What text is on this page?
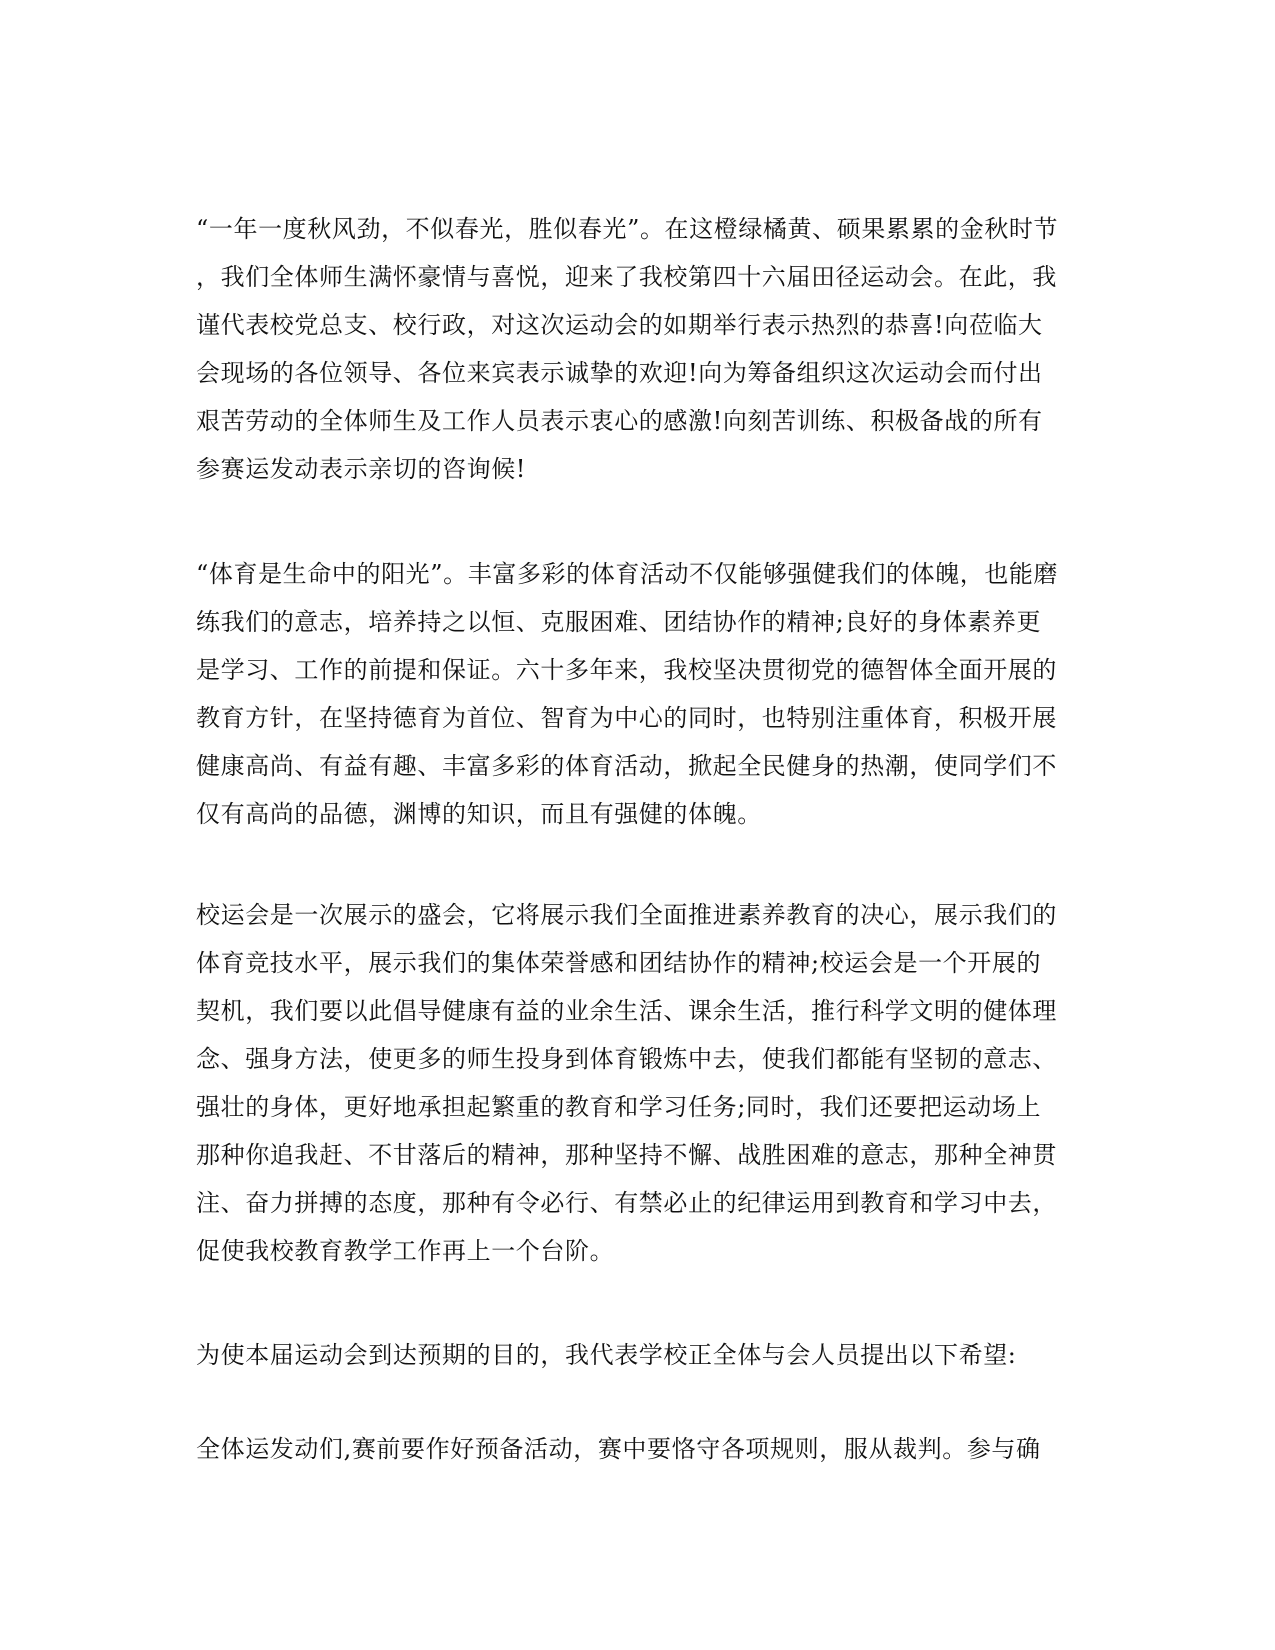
“一年一度秋风劲，不似春光，胜似春光”。在这橙绿橘黄、硕果累累的金秋时节
，我们全体师生满怀豪情与喜悦，迎来了我校第四十六届田径运动会。在此，我
谨代表校党总支、校行政，对这次运动会的如期举行表示热烈的恭喜!向莅临大
会现场的各位领导、各位来宾表示诚挚的欢迎!向为筹备组织这次运动会而付出
艰苦劳动的全体师生及工作人员表示衷心的感激!向刻苦训练、积极备战的所有
参赛运发动表示亲切的咨询候!

“体育是生命中的阳光”。丰富多彩的体育活动不仅能够强健我们的体魄，也能磨
练我们的意志，培养持之以恒、克服困难、团结协作的精神;良好的身体素养更
是学习、工作的前提和保证。六十多年来，我校坚决贯彻党的德智体全面开展的
教育方针，在坚持德育为首位、智育为中心的同时，也特别注重体育，积极开展
健康高尚、有益有趣、丰富多彩的体育活动，掀起全民健身的热潮，使同学们不
仅有高尚的品德，渊博的知识，而且有强健的体魄。

校运会是一次展示的盛会，它将展示我们全面推进素养教育的决心，展示我们的
体育竞技水平，展示我们的集体荣誉感和团结协作的精神;校运会是一个开展的
契机，我们要以此倡导健康有益的业余生活、课余生活，推行科学文明的健体理
念、强身方法，使更多的师生投身到体育锻炼中去，使我们都能有坚韧的意志、
强壮的身体，更好地承担起繁重的教育和学习任务;同时，我们还要把运动场上
那种你追我赶、不甘落后的精神，那种坚持不懈、战胜困难的意志，那种全神贯
注、奋力拼搏的态度，那种有令必行、有禁必止的纪律运用到教育和学习中去，
促使我校教育教学工作再上一个台阶。

为使本届运动会到达预期的目的，我代表学校正全体与会人员提出以下希望:

全体运发动们,赛前要作好预备活动，赛中要恪守各项规则，服从裁判。参与确
